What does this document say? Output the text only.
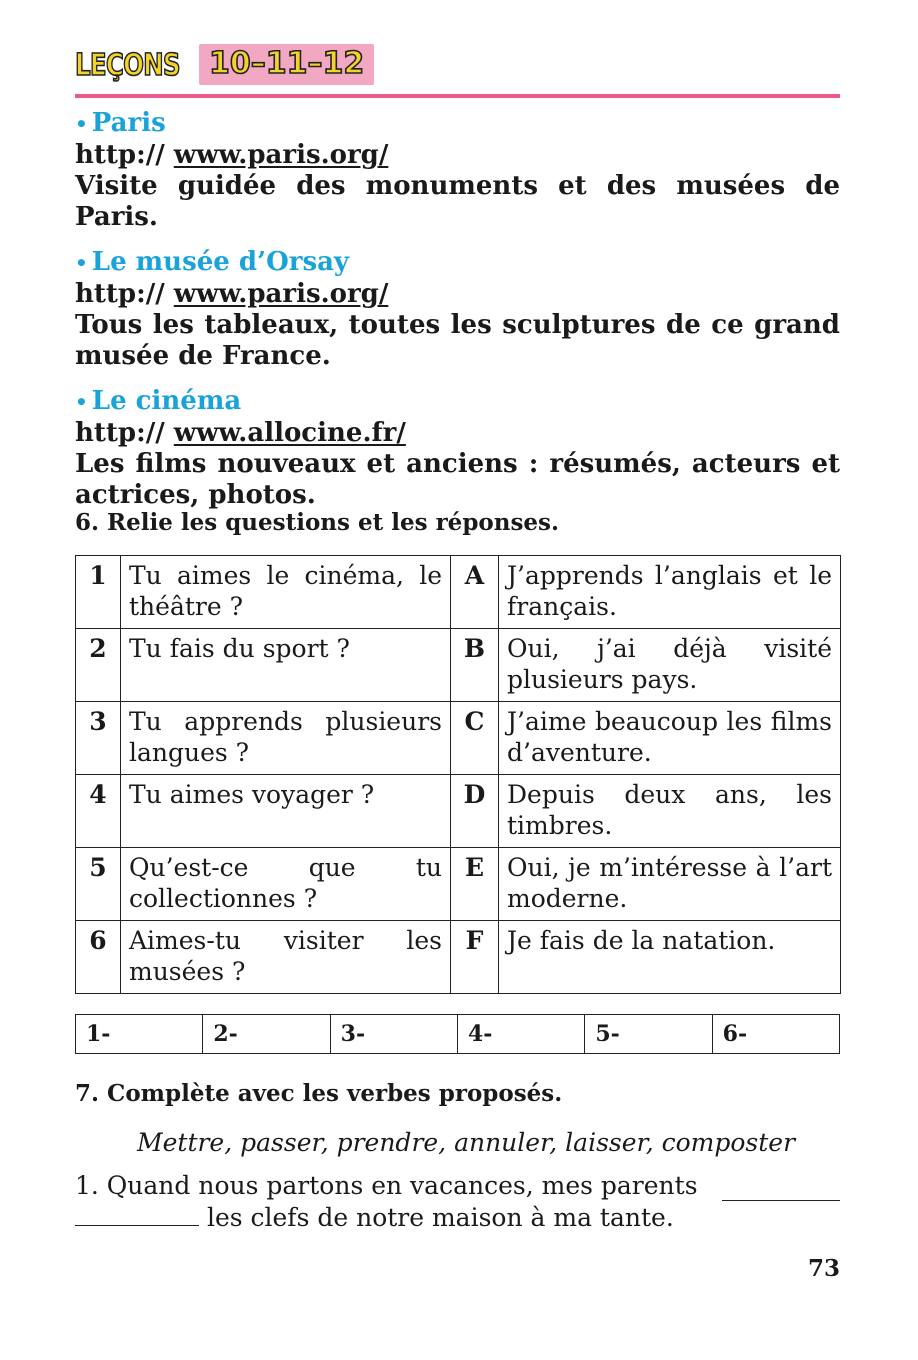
LEÇONS 10–11–12
• Paris
http:// www.paris.org/
Visite guidée des monuments et des musées de Paris.
• Le musée d’Orsay
http:// www.paris.org/
Tous les tableaux, toutes les sculptures de ce grand musée de France.
• Le cinéma
http:// www.allocine.fr/
Les films nouveaux et anciens : résumés, acteurs et actrices, photos.
6. Relie les questions et les réponses.
1	Tu aimes le cinéma, le théâtre ?	A	J’apprends l’anglais et le français.
2	Tu fais du sport ?	B	Oui, j’ai déjà visité plusieurs pays.
3	Tu apprends plusieurs langues ?	C	J’aime beaucoup les films d’aventure.
4	Tu aimes voyager ?	D	Depuis deux ans, les timbres.
5	Qu’est-ce que tu collectionnes ?	E	Oui, je m’intéresse à l’art moderne.
6	Aimes-tu visiter les musées ?	F	Je fais de la natation.
1-	2-	3-	4-	5-	6-
7. Complète avec les verbes proposés.
Mettre, passer, prendre, annuler, laisser, composter
1. Quand nous partons en vacances, mes parents

les clefs de notre maison à ma tante.
73
